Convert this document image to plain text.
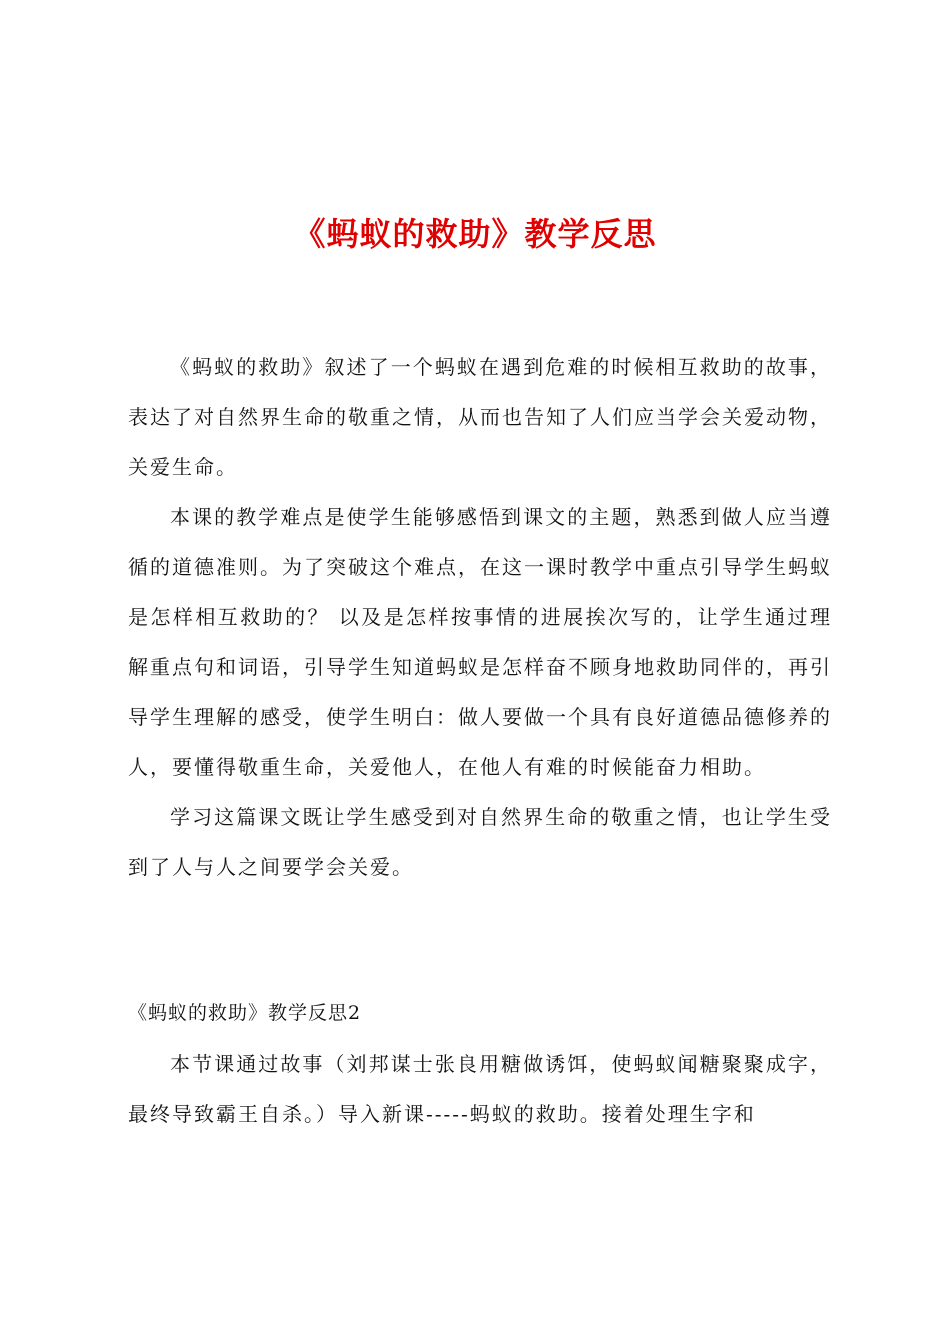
《蚂蚁的救助》教学反思

《蚂蚁的救助》叙述了一个蚂蚁在遇到危难的时候相互救助的故事，表达了对自然界生命的敬重之情，从而也告知了人们应当学会关爱动物，关爱生命。

本课的教学难点是使学生能够感悟到课文的主题，熟悉到做人应当遵循的道德准则。为了突破这个难点，在这一课时教学中重点引导学生蚂蚁是怎样相互救助的？ 以及是怎样按事情的进展挨次写的，让学生通过理解重点句和词语，引导学生知道蚂蚁是怎样奋不顾身地救助同伴的，再引导学生理解的感受，使学生明白：做人要做一个具有良好道德品德修养的人，要懂得敬重生命，关爱他人，在他人有难的时候能奋力相助。

学习这篇课文既让学生感受到对自然界生命的敬重之情，也让学生受到了人与人之间要学会关爱。

《蚂蚁的救助》教学反思2

本节课通过故事（刘邦谋士张良用糖做诱饵，使蚂蚁闻糖聚聚成字，最终导致霸王自杀。）导入新课-----蚂蚁的救助。接着处理生字和
